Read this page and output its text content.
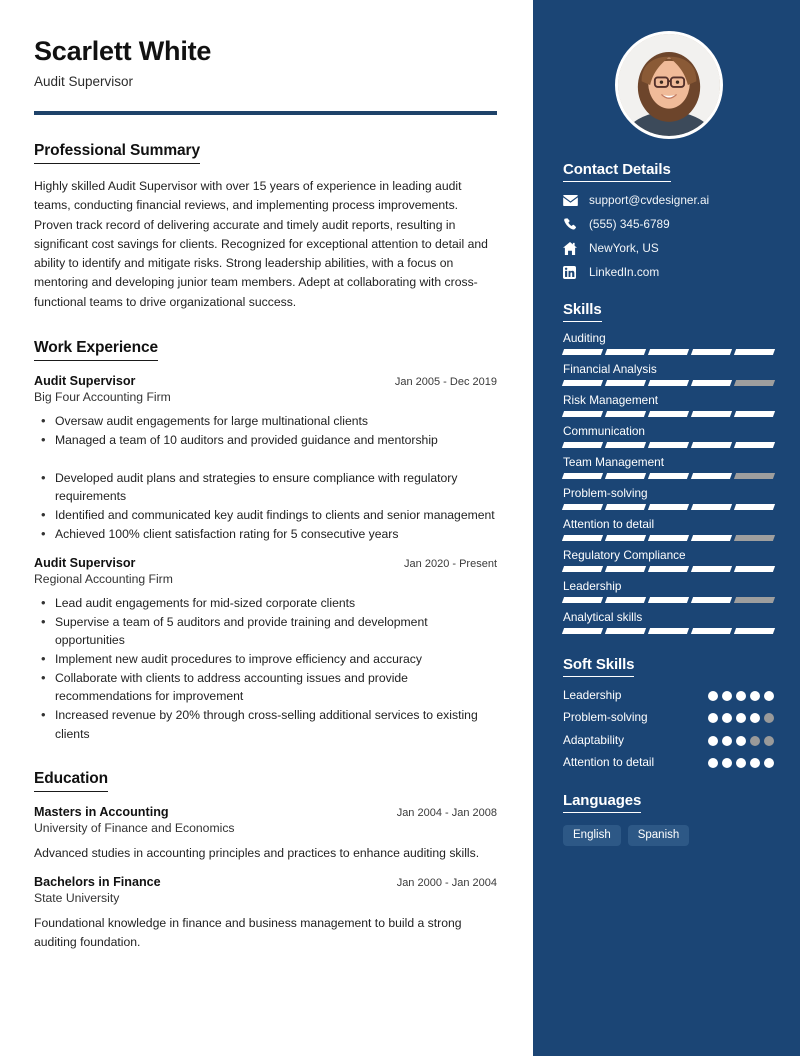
Scarlett White
Audit Supervisor
Professional Summary
Highly skilled Audit Supervisor with over 15 years of experience in leading audit teams, conducting financial reviews, and implementing process improvements. Proven track record of delivering accurate and timely audit reports, resulting in significant cost savings for clients. Recognized for exceptional attention to detail and ability to identify and mitigate risks. Strong leadership abilities, with a focus on mentoring and developing junior team members. Adept at collaborating with cross-functional teams to drive organizational success.
Work Experience
Audit Supervisor	Jan 2005 - Dec 2019
Big Four Accounting Firm
• Oversaw audit engagements for large multinational clients
• Managed a team of 10 auditors and provided guidance and mentorship
• Developed audit plans and strategies to ensure compliance with regulatory requirements
• Identified and communicated key audit findings to clients and senior management
• Achieved 100% client satisfaction rating for 5 consecutive years
Audit Supervisor	Jan 2020 - Present
Regional Accounting Firm
• Lead audit engagements for mid-sized corporate clients
• Supervise a team of 5 auditors and provide training and development opportunities
• Implement new audit procedures to improve efficiency and accuracy
• Collaborate with clients to address accounting issues and provide recommendations for improvement
• Increased revenue by 20% through cross-selling additional services to existing clients
Education
Masters in Accounting	Jan 2004 - Jan 2008
University of Finance and Economics
Advanced studies in accounting principles and practices to enhance auditing skills.
Bachelors in Finance	Jan 2000 - Jan 2004
State University
Foundational knowledge in finance and business management to build a strong auditing foundation.
Contact Details
support@cvdesigner.ai
(555) 345-6789
NewYork, US
LinkedIn.com
Skills
Auditing
Financial Analysis
Risk Management
Communication
Team Management
Problem-solving
Attention to detail
Regulatory Compliance
Leadership
Analytical skills
Soft Skills
Leadership
Problem-solving
Adaptability
Attention to detail
Languages
English	Spanish
